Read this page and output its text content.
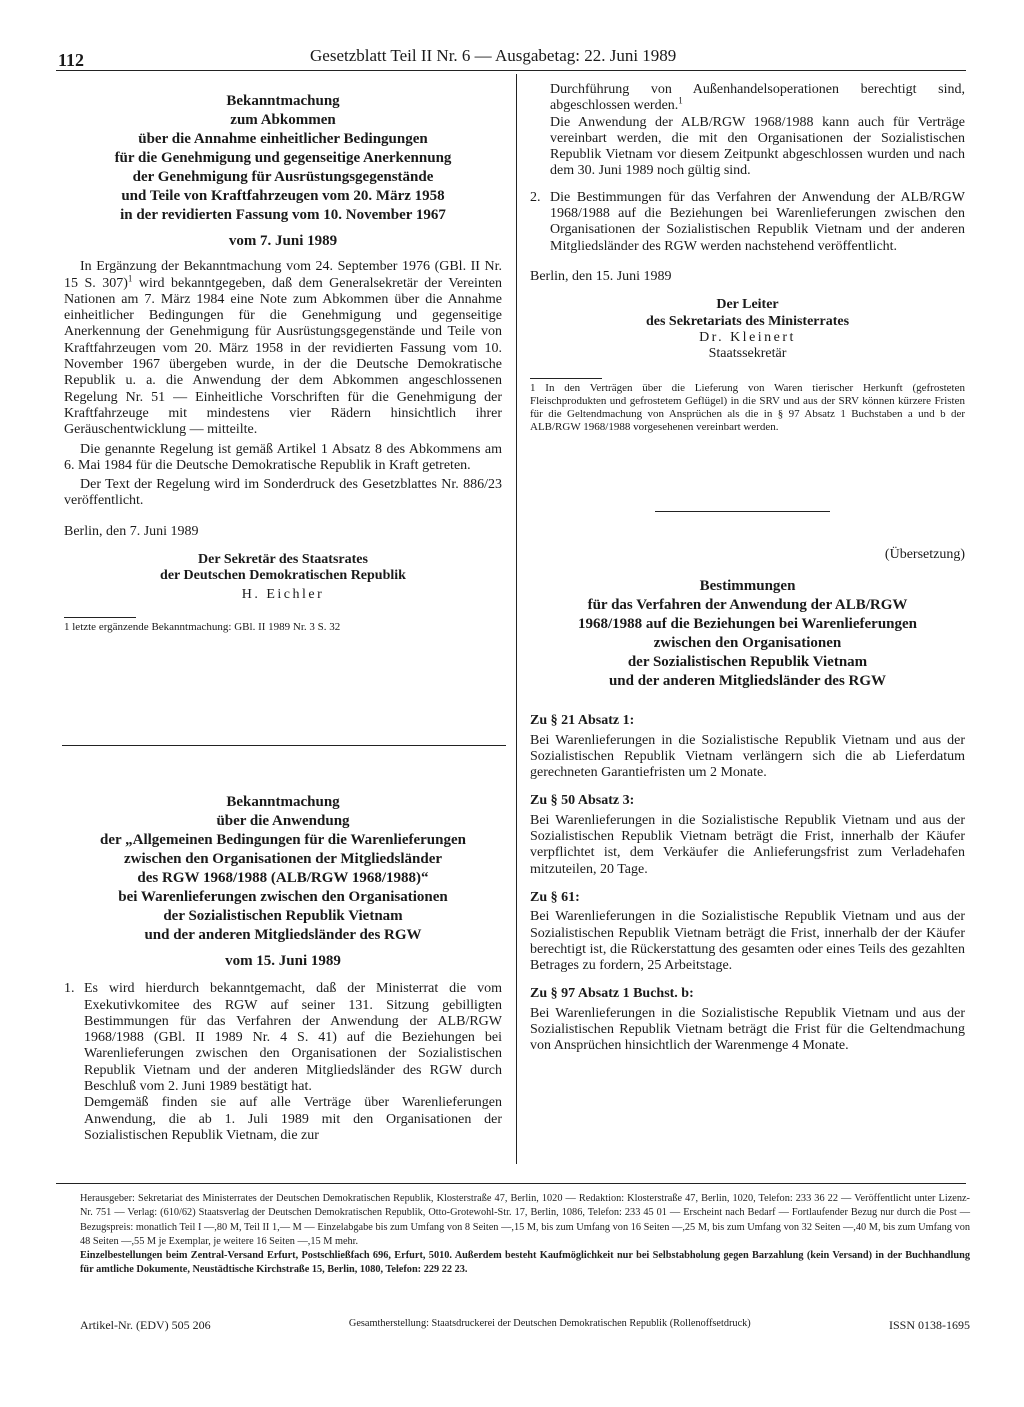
112	Gesetzblatt Teil II Nr. 6 — Ausgabetag: 22. Juni 1989
Bekanntmachung
zum Abkommen
über die Annahme einheitlicher Bedingungen
für die Genehmigung und gegenseitige Anerkennung
der Genehmigung für Ausrüstungsgegenstände
und Teile von Kraftfahrzeugen vom 20. März 1958
in der revidierten Fassung vom 10. November 1967
vom 7. Juni 1989

In Ergänzung der Bekanntmachung vom 24. September 1976 (GBl. II Nr. 15 S. 307)$^1$ wird bekanntgegeben, daß dem Generalsekretär der Vereinten Nationen am 7. März 1984 eine Note zum Abkommen über die Annahme einheitlicher Bedingungen für die Genehmigung und gegenseitige Anerkennung der Genehmigung für Ausrüstungsgegenstände und Teile von Kraftfahrzeugen vom 20. März 1958 in der revidierten Fassung vom 10. November 1967 übergeben wurde, in der die Deutsche Demokratische Republik u. a. die Anwendung der dem Abkommen angeschlossenen Regelung Nr. 51 — Einheitliche Vorschriften für die Genehmigung der Kraftfahrzeuge mit mindestens vier Rädern hinsichtlich ihrer Geräuschentwicklung — mitteilte.

Die genannte Regelung ist gemäß Artikel 1 Absatz 8 des Abkommens am 6. Mai 1984 für die Deutsche Demokratische Republik in Kraft getreten.

Der Text der Regelung wird im Sonderdruck des Gesetzblattes Nr. 886/23 veröffentlicht.

Berlin, den 7. Juni 1989
Der Sekretär des Staatsrates
der Deutschen Demokratischen Republik
H. Eichler
1 letzte ergänzende Bekanntmachung: GBl. II 1989 Nr. 3 S. 32
Bekanntmachung
über die Anwendung
der „Allgemeinen Bedingungen für die Warenlieferungen
zwischen den Organisationen der Mitgliedsländer
des RGW 1968/1988 (ALB/RGW 1968/1988)“
bei Warenlieferungen zwischen den Organisationen
der Sozialistischen Republik Vietnam
und der anderen Mitgliedsländer des RGW
vom 15. Juni 1989
1. Es wird hierdurch bekanntgemacht, daß der Ministerrat die vom Exekutivkomitee des RGW auf seiner 131. Sitzung gebilligten Bestimmungen für das Verfahren der Anwendung der ALB/RGW 1968/1988 (GBl. II 1989 Nr. 4 S. 41) auf die Beziehungen bei Warenlieferungen zwischen den Organisationen der Sozialistischen Republik Vietnam und der anderen Mitgliedsländer des RGW durch Beschluß vom 2. Juni 1989 bestätigt hat.
Demgemäß finden sie auf alle Verträge über Warenlieferungen Anwendung, die ab 1. Juli 1989 mit den Organisationen der Sozialistischen Republik Vietnam, die zur
Durchführung von Außenhandelsoperationen berechtigt sind, abgeschlossen werden.$^1$
Die Anwendung der ALB/RGW 1968/1988 kann auch für Verträge vereinbart werden, die mit den Organisationen der Sozialistischen Republik Vietnam vor diesem Zeitpunkt abgeschlossen wurden und nach dem 30. Juni 1989 noch gültig sind.
2. Die Bestimmungen für das Verfahren der Anwendung der ALB/RGW 1968/1988 auf die Beziehungen bei Warenlieferungen zwischen den Organisationen der Sozialistischen Republik Vietnam und der anderen Mitgliedsländer des RGW werden nachstehend veröffentlicht.
Berlin, den 15. Juni 1989
Der Leiter
des Sekretariats des Ministerrates
Dr. Kleinert
Staatssekretär
1 In den Verträgen über die Lieferung von Waren tierischer Herkunft (gefrosteten Fleischprodukten und gefrostetem Geflügel) in die SRV und aus der SRV können kürzere Fristen für die Geltendmachung von Ansprüchen als die in § 97 Absatz 1 Buchstaben a und b der ALB/RGW 1968/1988 vorgesehenen vereinbart werden.
(Übersetzung)
Bestimmungen
für das Verfahren der Anwendung der ALB/RGW
1968/1988 auf die Beziehungen bei Warenlieferungen
zwischen den Organisationen
der Sozialistischen Republik Vietnam
und der anderen Mitgliedsländer des RGW
Zu § 21 Absatz 1:
Bei Warenlieferungen in die Sozialistische Republik Vietnam und aus der Sozialistischen Republik Vietnam verlängern sich die ab Lieferdatum gerechneten Garantiefristen um 2 Monate.
Zu § 50 Absatz 3:
Bei Warenlieferungen in die Sozialistische Republik Vietnam und aus der Sozialistischen Republik Vietnam beträgt die Frist, innerhalb der Käufer verpflichtet ist, dem Verkäufer die Anlieferungsfrist zum Verladehafen mitzuteilen, 20 Tage.
Zu § 61:
Bei Warenlieferungen in die Sozialistische Republik Vietnam und aus der Sozialistischen Republik Vietnam beträgt die Frist, innerhalb der der Käufer berechtigt ist, die Rückerstattung des gesamten oder eines Teils des gezahlten Betrages zu fordern, 25 Arbeitstage.
Zu § 97 Absatz 1 Buchst. b:
Bei Warenlieferungen in die Sozialistische Republik Vietnam und aus der Sozialistischen Republik Vietnam beträgt die Frist für die Geltendmachung von Ansprüchen hinsichtlich der Warenmenge 4 Monate.
Herausgeber: Sekretariat des Ministerrates der Deutschen Demokratischen Republik, Klosterstraße 47, Berlin, 1020 — Redaktion: Klosterstraße 47, Berlin, 1020, Telefon: 233 36 22 — Veröffentlicht unter Lizenz-Nr. 751 — Verlag: (610/62) Staatsverlag der Deutschen Demokratischen Republik, Otto-Grotewohl-Str. 17, Berlin, 1086, Telefon: 233 45 01 — Erscheint nach Bedarf — Fortlaufender Bezug nur durch die Post — Bezugspreis: monatlich Teil I —,80 M, Teil II 1,— M — Einzelabgabe bis zum Umfang von 8 Seiten —,15 M, bis zum Umfang von 16 Seiten —,25 M, bis zum Umfang von 32 Seiten —,40 M, bis zum Umfang von 48 Seiten —,55 M je Exemplar, je weitere 16 Seiten —,15 M mehr.
Einzelbestellungen beim Zentral-Versand Erfurt, Postschließfach 696, Erfurt, 5010. Außerdem besteht Kaufmöglichkeit nur bei Selbstabholung gegen Barzahlung (kein Versand) in der Buchhandlung für amtliche Dokumente, Neustädtische Kirchstraße 15, Berlin, 1080, Telefon: 229 22 23.
Artikel-Nr. (EDV) 505 206	Gesamtherstellung: Staatsdruckerei der Deutschen Demokratischen Republik (Rollenoffsetdruck)	ISSN 0138-1695
